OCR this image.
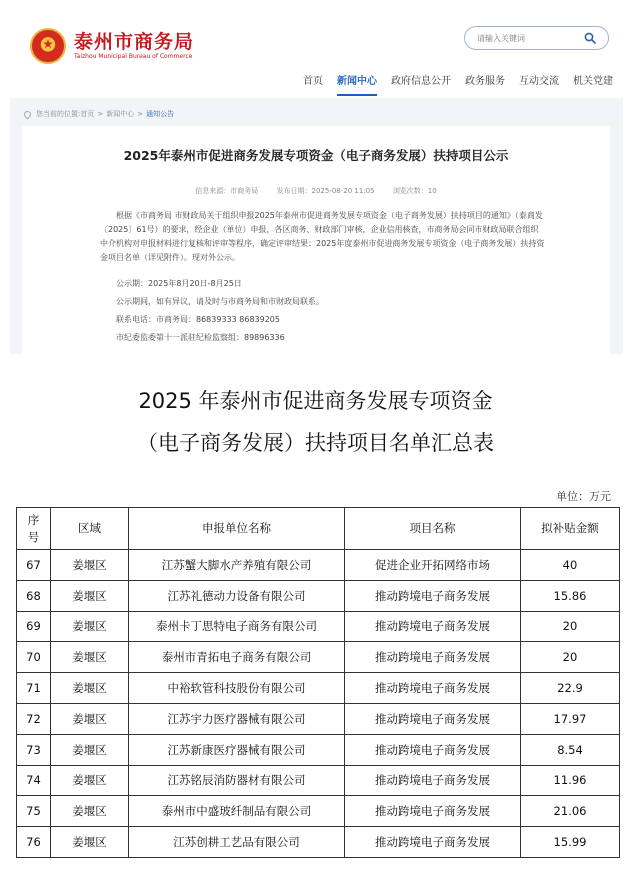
泰州市商务局
Taizhou Municipal Bureau of Commerce
请输入关键词
首页 新闻中心 政府信息公开 政务服务 互动交流 机关党建
您当前的位置: 首页 > 新闻中心 > 通知公告
2025年泰州市促进商务发展专项资金（电子商务发展）扶持项目公示
信息来源：市商务局	发布日期：2025-08-20 11:05	浏览次数：10
根据《市商务局 市财政局关于组织申报2025年泰州市促进商务发展专项资金（电子商务发展）扶持项目的通知》（泰商发〔2025〕61号）的要求，经企业（单位）申报，各区商务、财政部门审核，企业信用核查，市商务局会同市财政局联合组织中介机构对申报材料进行复核和评审等程序，确定评审结果：2025年度泰州市促进商务发展专项资金（电子商务发展）扶持资金项目名单（详见附件）。现对外公示。
公示期：2025年8月20日-8月25日
公示期间，如有异议，请及时与市商务局和市财政局联系。
联系电话：市商务局：86839333 86839205
市纪委监委第十一派驻纪检监察组：89896336
2025 年泰州市促进商务发展专项资金
（电子商务发展）扶持项目名单汇总表
单位：万元
序号	区域	申报单位名称	项目名称	拟补贴金额
67	姜堰区	江苏蟹大脚水产养殖有限公司	促进企业开拓网络市场	40
68	姜堰区	江苏礼德动力设备有限公司	推动跨境电子商务发展	15.86
69	姜堰区	泰州卡丁思特电子商务有限公司	推动跨境电子商务发展	20
70	姜堰区	泰州市青拓电子商务有限公司	推动跨境电子商务发展	20
71	姜堰区	中裕软管科技股份有限公司	推动跨境电子商务发展	22.9
72	姜堰区	江苏宇力医疗器械有限公司	推动跨境电子商务发展	17.97
73	姜堰区	江苏新康医疗器械有限公司	推动跨境电子商务发展	8.54
74	姜堰区	江苏铭辰消防器材有限公司	推动跨境电子商务发展	11.96
75	姜堰区	泰州市中盛玻纤制品有限公司	推动跨境电子商务发展	21.06
76	姜堰区	江苏创耕工艺品有限公司	推动跨境电子商务发展	15.99
